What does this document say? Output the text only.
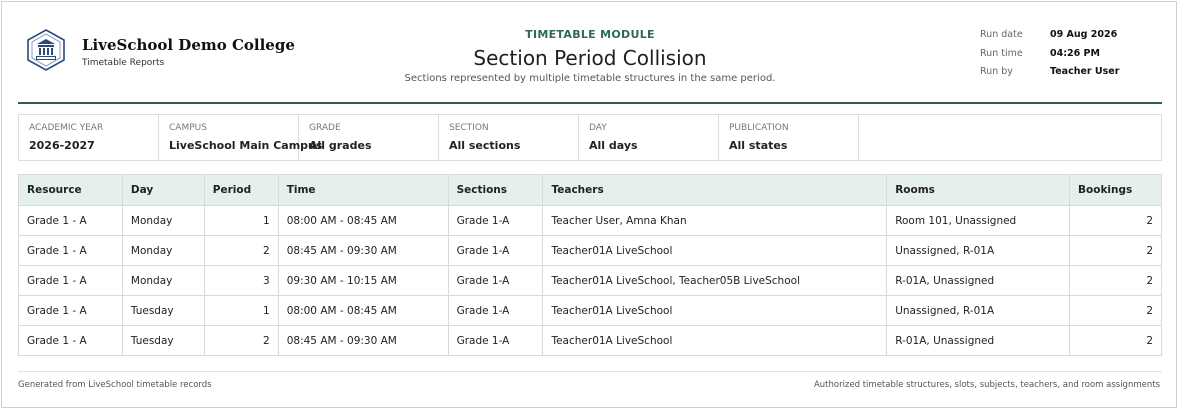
LiveSchool Demo College
Timetable Reports
TIMETABLE MODULE
Section Period Collision
Sections represented by multiple timetable structures in the same period.
Run date	09 Aug 2026
Run time	04:26 PM
Run by	Teacher User
ACADEMIC YEAR
2026-2027
CAMPUS
LiveSchool Main Campus
GRADE
All grades
SECTION
All sections
DAY
All days
PUBLICATION
All states
Resource	Day	Period	Time	Sections	Teachers	Rooms	Bookings
Grade 1 - A	Monday	1	08:00 AM - 08:45 AM	Grade 1-A	Teacher User, Amna Khan	Room 101, Unassigned	2
Grade 1 - A	Monday	2	08:45 AM - 09:30 AM	Grade 1-A	Teacher01A LiveSchool	Unassigned, R-01A	2
Grade 1 - A	Monday	3	09:30 AM - 10:15 AM	Grade 1-A	Teacher01A LiveSchool, Teacher05B LiveSchool	R-01A, Unassigned	2
Grade 1 - A	Tuesday	1	08:00 AM - 08:45 AM	Grade 1-A	Teacher01A LiveSchool	Unassigned, R-01A	2
Grade 1 - A	Tuesday	2	08:45 AM - 09:30 AM	Grade 1-A	Teacher01A LiveSchool	R-01A, Unassigned	2
Generated from LiveSchool timetable records	Authorized timetable structures, slots, subjects, teachers, and room assignments
